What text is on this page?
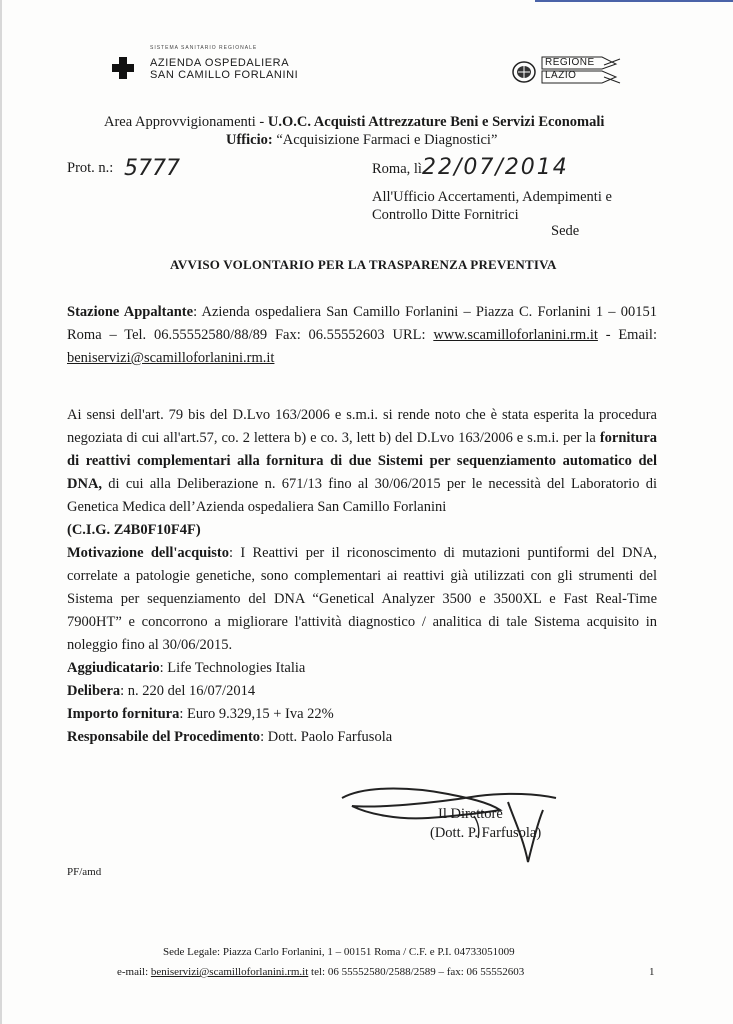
SISTEMA SANITARIO REGIONALE
AZIENDA OSPEDALIERA
SAN CAMILLO FORLANINI
REGIONE
LAZIO
Area Approvvigionamenti - U.O.C. Acquisti Attrezzature Beni e Servizi Economali
Ufficio: “Acquisizione Farmaci e Diagnostici”
Prot. n.: 5777	Roma, lì 22/07/2014
All'Ufficio Accertamenti, Adempimenti e
Controllo Ditte Fornitrici
Sede
AVVISO VOLONTARIO PER LA TRASPARENZA PREVENTIVA
Stazione Appaltante: Azienda ospedaliera San Camillo Forlanini – Piazza C. Forlanini 1 – 00151 Roma – Tel. 06.55552580/88/89 Fax: 06.55552603 URL: www.scamilloforlanini.rm.it - Email: beniservizi@scamilloforlanini.rm.it
Ai sensi dell'art. 79 bis del D.Lvo 163/2006 e s.m.i. si rende noto che è stata esperita la procedura negoziata di cui all'art.57, co. 2 lettera b) e co. 3, lett b) del D.Lvo 163/2006 e s.m.i. per la fornitura di reattivi complementari alla fornitura di due Sistemi per sequenziamento automatico del DNA, di cui alla Deliberazione n. 671/13 fino al 30/06/2015 per le necessità del Laboratorio di Genetica Medica dell’Azienda ospedaliera San Camillo Forlanini
(C.I.G. Z4B0F10F4F)
Motivazione dell'acquisto: I Reattivi per il riconoscimento di mutazioni puntiformi del DNA, correlate a patologie genetiche, sono complementari ai reattivi già utilizzati con gli strumenti del Sistema per sequenziamento del DNA “Genetical Analyzer 3500 e 3500XL e Fast Real-Time 7900HT” e concorrono a migliorare l'attività diagnostico / analitica di tale Sistema acquisito in noleggio fino al 30/06/2015.
Aggiudicatario: Life Technologies Italia
Delibera: n. 220 del 16/07/2014
Importo fornitura: Euro 9.329,15 + Iva 22%
Responsabile del Procedimento: Dott. Paolo Farfusola
Il Direttore
(Dott. P. Farfusola)
PF/amd
Sede Legale: Piazza Carlo Forlanini, 1 – 00151 Roma / C.F. e P.I. 04733051009
e-mail: beniservizi@scamilloforlanini.rm.it tel: 06 55552580/2588/2589 – fax: 06 55552603	1
